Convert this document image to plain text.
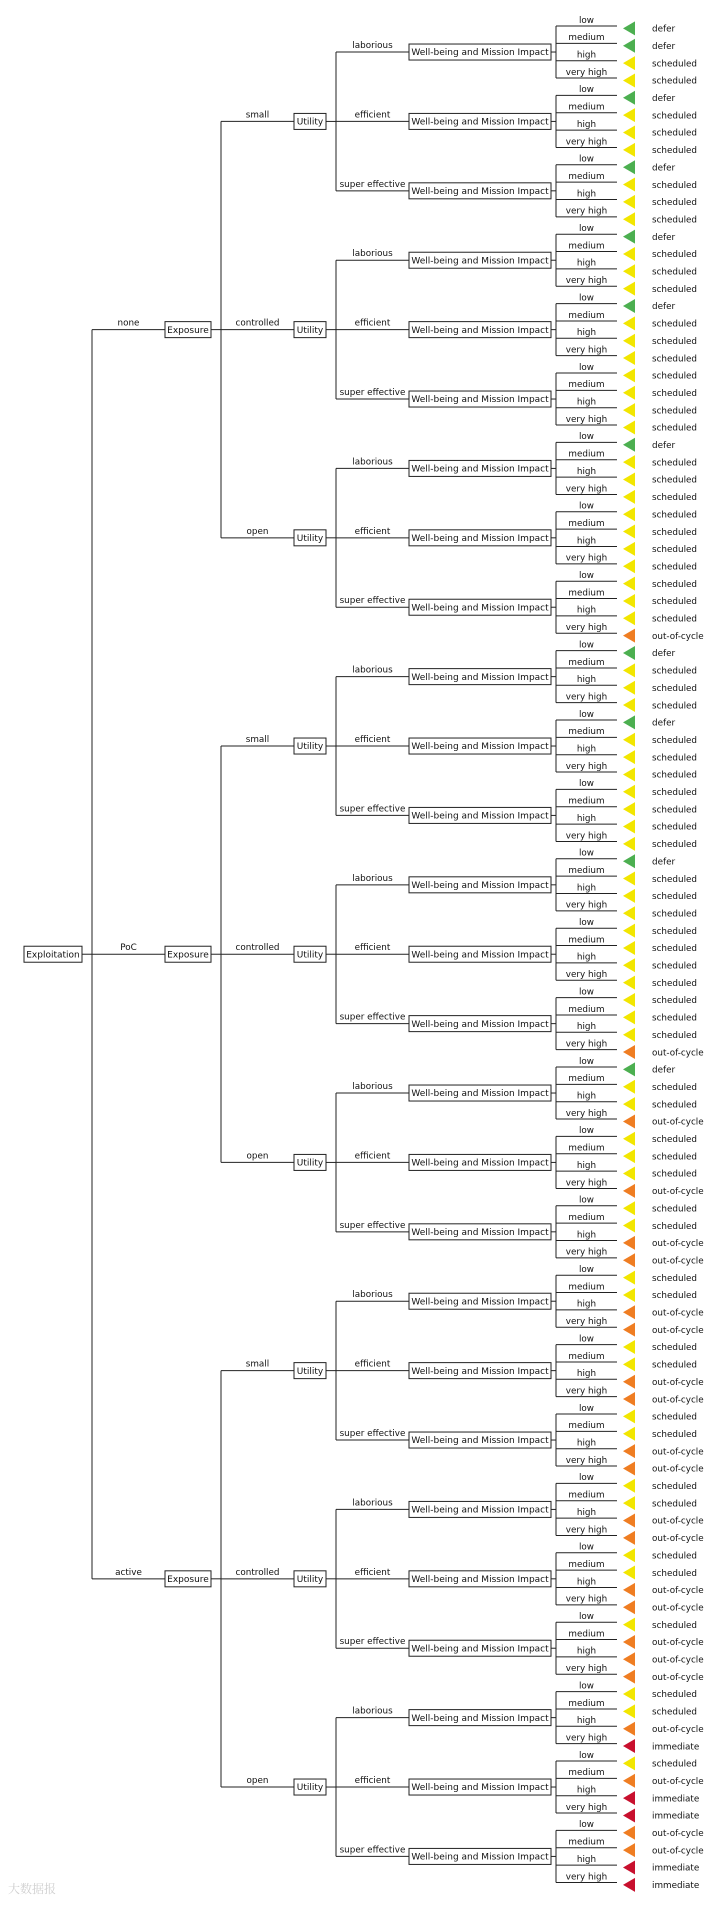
Exploitation
Exposure
Utility
Well-being and Mission Impact
Well-being and Mission Impact
Well-being and Mission Impact
Utility
Well-being and Mission Impact
Well-being and Mission Impact
Well-being and Mission Impact
Utility
Well-being and Mission Impact
Well-being and Mission Impact
Well-being and Mission Impact
Exposure
Utility
Well-being and Mission Impact
Well-being and Mission Impact
Well-being and Mission Impact
Utility
Well-being and Mission Impact
Well-being and Mission Impact
Well-being and Mission Impact
Utility
Well-being and Mission Impact
Well-being and Mission Impact
Well-being and Mission Impact
Exposure
Utility
Well-being and Mission Impact
Well-being and Mission Impact
Well-being and Mission Impact
Utility
Well-being and Mission Impact
Well-being and Mission Impact
Well-being and Mission Impact
Utility
Well-being and Mission Impact
Well-being and Mission Impact
Well-being and Mission Impact
none
small
laborious
low
medium
high
very high
efficient
low
medium
high
very high
super effective
low
medium
high
very high
controlled
laborious
low
medium
high
very high
efficient
low
medium
high
very high
super effective
low
medium
high
very high
open
laborious
low
medium
high
very high
efficient
low
medium
high
very high
super effective
low
medium
high
very high
PoC
small
laborious
low
medium
high
very high
efficient
low
medium
high
very high
super effective
low
medium
high
very high
controlled
laborious
low
medium
high
very high
efficient
low
medium
high
very high
super effective
low
medium
high
very high
open
laborious
low
medium
high
very high
efficient
low
medium
high
very high
super effective
low
medium
high
very high
active
small
laborious
low
medium
high
very high
efficient
low
medium
high
very high
super effective
low
medium
high
very high
controlled
laborious
low
medium
high
very high
efficient
low
medium
high
very high
super effective
low
medium
high
very high
open
laborious
low
medium
high
very high
efficient
low
medium
high
very high
super effective
low
medium
high
very high
defer
defer
scheduled
scheduled
defer
scheduled
scheduled
scheduled
defer
scheduled
scheduled
scheduled
defer
scheduled
scheduled
scheduled
defer
scheduled
scheduled
scheduled
scheduled
scheduled
scheduled
scheduled
defer
scheduled
scheduled
scheduled
scheduled
scheduled
scheduled
scheduled
scheduled
scheduled
scheduled
out-of-cycle
defer
scheduled
scheduled
scheduled
defer
scheduled
scheduled
scheduled
scheduled
scheduled
scheduled
scheduled
defer
scheduled
scheduled
scheduled
scheduled
scheduled
scheduled
scheduled
scheduled
scheduled
scheduled
out-of-cycle
defer
scheduled
scheduled
out-of-cycle
scheduled
scheduled
scheduled
out-of-cycle
scheduled
scheduled
out-of-cycle
out-of-cycle
scheduled
scheduled
out-of-cycle
out-of-cycle
scheduled
scheduled
out-of-cycle
out-of-cycle
scheduled
scheduled
out-of-cycle
out-of-cycle
scheduled
scheduled
out-of-cycle
out-of-cycle
scheduled
scheduled
out-of-cycle
out-of-cycle
scheduled
out-of-cycle
out-of-cycle
out-of-cycle
scheduled
scheduled
out-of-cycle
immediate
scheduled
out-of-cycle
immediate
immediate
out-of-cycle
out-of-cycle
immediate
immediate
大数据报
